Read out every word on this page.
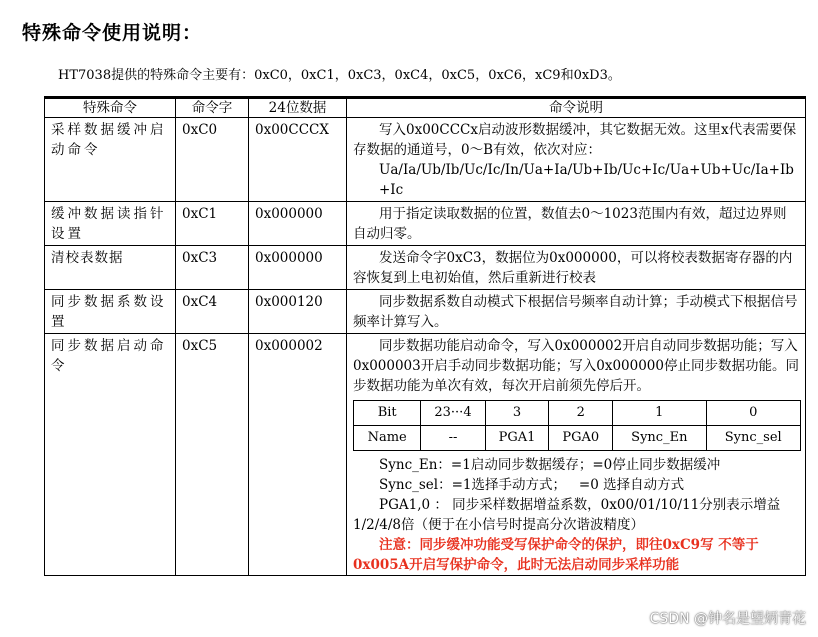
特殊命令使用说明：
HT7038提供的特殊命令主要有：0xC0，0xC1，0xC3，0xC4，0xC5，0xC6，xC9和0xD3。
特殊命令	命令字	24位数据	命令说明
采样数据缓冲启动命令	0xC0	0x00CCCX	写入0x00CCCx启动波形数据缓冲，其它数据无效。这里x代表需要保存数据的通道号，0～B有效，依次对应：
Ua/Ia/Ub/Ib/Uc/Ic/In/Ua+Ia/Ub+Ib/Uc+Ic/Ua+Ub+Uc/Ia+Ib+Ic

缓冲数据读指针设置	0xC1	0x000000	用于指定读取数据的位置，数值去0～1023范围内有效，超过边界则自动归零。
清校表数据	0xC3	0x000000	发送命令字0xC3，数据位为0x000000，可以将校表数据寄存器的内容恢复到上电初始值，然后重新进行校表
同步数据系数设置	0xC4	0x000120	同步数据系数自动模式下根据信号频率自动计算；手动模式下根据信号频率计算写入。
同步数据启动命令	0xC5	0x000002	同步数据功能启动命令，写入0x000002开启自动同步数据功能；写入0x000003开启手动同步数据功能；写入0x000000停止同步数据功能。同步数据功能为单次有效，每次开启前须先停后开。
Bit	23···4	3	2	1	0
Name	--	PGA1	PGA0	Sync_En	Sync_sel
Sync_En：=1启动同步数据缓存；=0停止同步数据缓冲
Sync_sel：=1选择手动方式；   =0 选择自动方式
PGA1,0 ： 同步采样数据增益系数，0x00/01/10/11分别表示增益1/2/4/8倍（便于在小信号时提高分次谐波精度）
注意：同步缓冲功能受写保护命令的保护，即往0xC9写 不等于0x005A开启写保护命令，此时无法启动同步采样功能
CSDN @钟名是望炳青花
